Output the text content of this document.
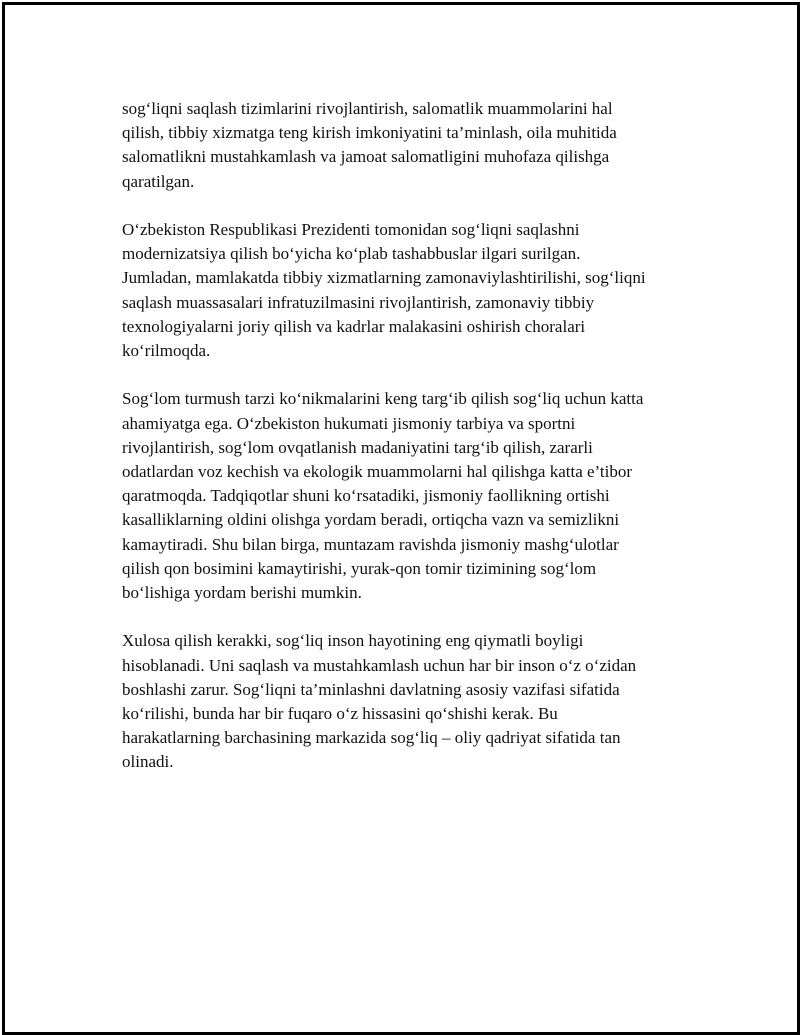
sog‘liqni saqlash tizimlarini rivojlantirish, salomatlik muammolarini hal
qilish, tibbiy xizmatga teng kirish imkoniyatini ta’minlash, oila muhitida
salomatlikni mustahkamlash va jamoat salomatligini muhofaza qilishga
qaratilgan.

O‘zbekiston Respublikasi Prezidenti tomonidan sog‘liqni saqlashni
modernizatsiya qilish bo‘yicha ko‘plab tashabbuslar ilgari surilgan.
Jumladan, mamlakatda tibbiy xizmatlarning zamonaviylashtirilishi, sog‘liqni
saqlash muassasalari infratuzilmasini rivojlantirish, zamonaviy tibbiy
texnologiyalarni joriy qilish va kadrlar malakasini oshirish choralari
ko‘rilmoqda.

Sog‘lom turmush tarzi ko‘nikmalarini keng targ‘ib qilish sog‘liq uchun katta
ahamiyatga ega. O‘zbekiston hukumati jismoniy tarbiya va sportni
rivojlantirish, sog‘lom ovqatlanish madaniyatini targ‘ib qilish, zararli
odatlardan voz kechish va ekologik muammolarni hal qilishga katta e’tibor
qaratmoqda. Tadqiqotlar shuni ko‘rsatadiki, jismoniy faollikning ortishi
kasalliklarning oldini olishga yordam beradi, ortiqcha vazn va semizlikni
kamaytiradi. Shu bilan birga, muntazam ravishda jismoniy mashg‘ulotlar
qilish qon bosimini kamaytirishi, yurak-qon tomir tizimining sog‘lom
bo‘lishiga yordam berishi mumkin.

Xulosa qilish kerakki, sog‘liq inson hayotining eng qiymatli boyligi
hisoblanadi. Uni saqlash va mustahkamlash uchun har bir inson o‘z o‘zidan
boshlashi zarur. Sog‘liqni ta’minlashni davlatning asosiy vazifasi sifatida
ko‘rilishi, bunda har bir fuqaro o‘z hissasini qo‘shishi kerak. Bu
harakatlarning barchasining markazida sog‘liq – oliy qadriyat sifatida tan
olinadi.
